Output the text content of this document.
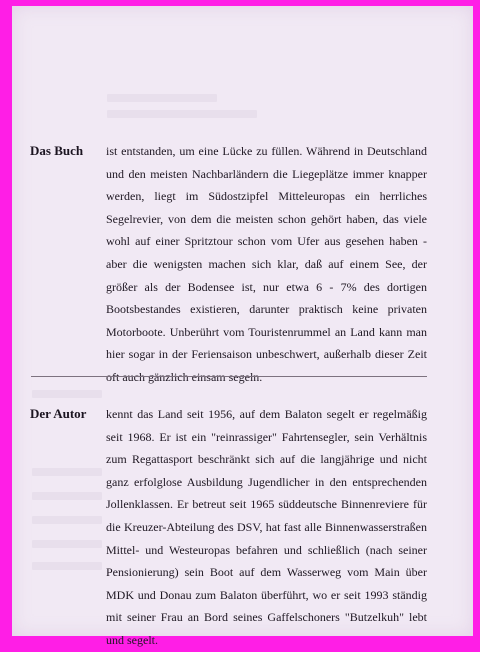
Das Buch ist entstanden, um eine Lücke zu füllen. Während in Deutschland und den meisten Nachbarländern die Liegeplätze immer knapper werden, liegt im Südostzipfel Mitteleuropas ein herrliches Segelrevier, von dem die meisten schon gehört haben, das viele wohl auf einer Spritztour schon vom Ufer aus gesehen haben - aber die wenigsten machen sich klar, daß auf einem See, der größer als der Bodensee ist, nur etwa 6 - 7% des dortigen Bootsbestandes existieren, darunter praktisch keine privaten Motorboote. Unberührt vom Touristenrummel an Land kann man hier sogar in der Feriensaison unbeschwert, außerhalb dieser Zeit oft auch gänzlich einsam segeln.

Der Autor kennt das Land seit 1956, auf dem Balaton segelt er regelmäßig seit 1968. Er ist ein "reinrassiger" Fahrtensegler, sein Verhältnis zum Regattasport beschränkt sich auf die langjährige und nicht ganz erfolglose Ausbildung Jugendlicher in den entsprechenden Jollenklassen. Er betreut seit 1965 süddeutsche Binnenreviere für die Kreuzer-Abteilung des DSV, hat fast alle Binnenwasserstraßen Mittel- und Westeuropas befahren und schließlich (nach seiner Pensionierung) sein Boot auf dem Wasserweg vom Main über MDK und Donau zum Balaton überführt, wo er seit 1993 ständig mit seiner Frau an Bord seines Gaffelschoners "Butzelkuh" lebt und segelt.
